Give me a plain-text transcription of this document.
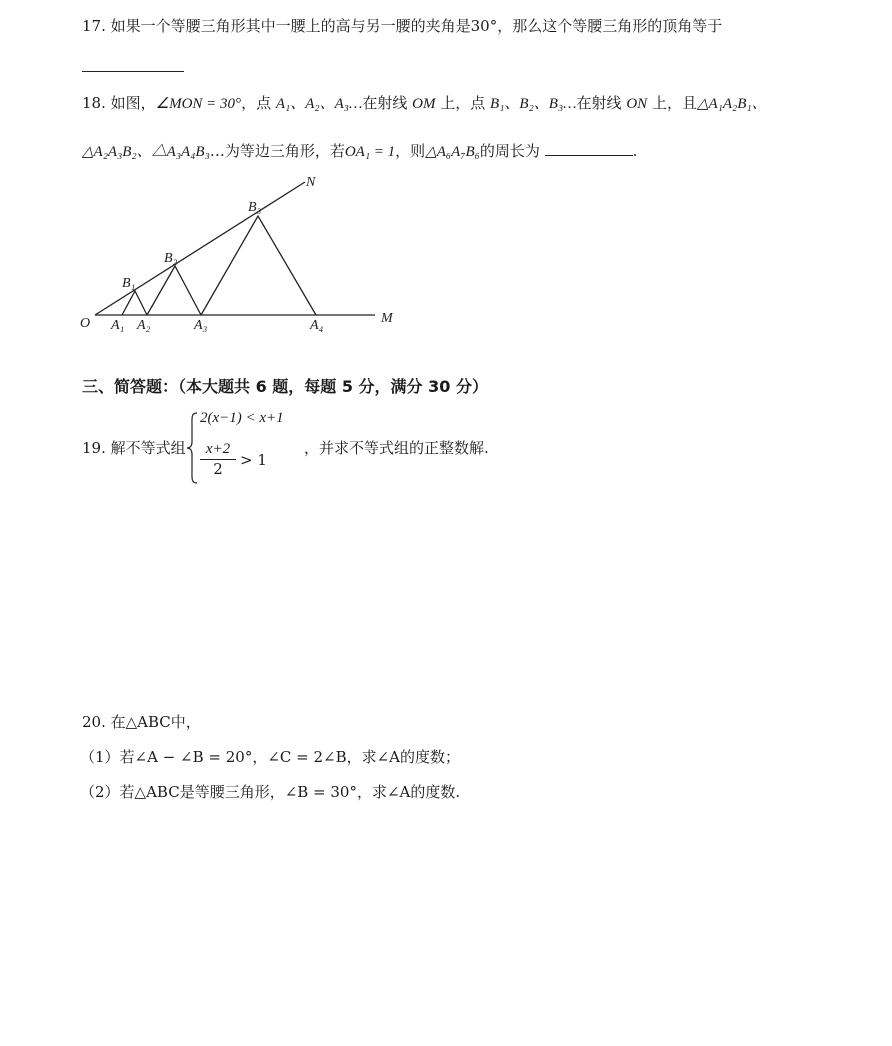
17. 如果一个等腰三角形其中一腰上的高与另一腰的夹角是30°，那么这个等腰三角形的顶角等于
18. 如图，∠MON = 30°，点 A₁、A₂、A₃…在射线 OM 上，点 B₁、B₂、B₃…在射线 ON 上，且△A₁A₂B₁、
△A₂A₃B₂、△A₃A₄B₃…为等边三角形，若OA₁ = 1，则△A₆A₇B₆的周长为	.
O A₁ A₂	A₃	A₄	M
B₁
B₂
B₃
N
三、简答题：（本大题共 6 题，每题 5 分，满分 30 分）
19. 解不等式组
2(x−1) < x+1
$\frac{x+2}{2} > 1$
，并求不等式组的正整数解.
20. 在△ABC中，
（1）若∠A − ∠B = 20°，∠C = 2∠B，求∠A的度数；
（2）若△ABC是等腰三角形，∠B = 30°，求∠A的度数.
